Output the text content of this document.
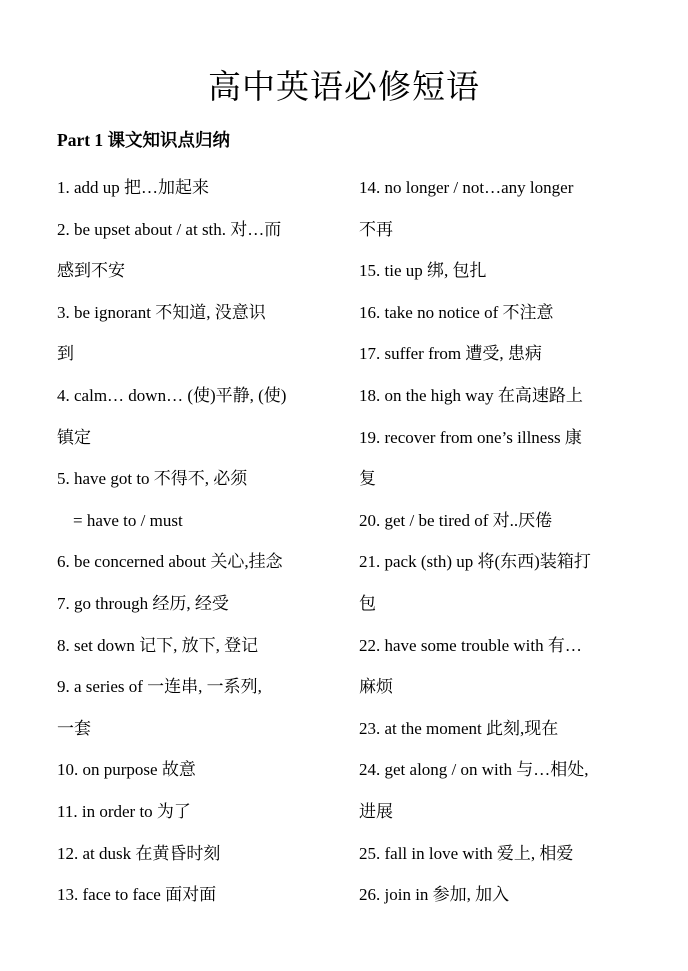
高中英语必修短语
Part 1 课文知识点归纳
1. add up 把…加起来
2. be upset about / at sth. 对…而
感到不安
3. be ignorant 不知道, 没意识
到
4. calm… down… (使)平静, (使)
镇定
5. have got to 不得不, 必须
= have to / must
6. be concerned about 关心,挂念
7. go through 经历, 经受
8. set down 记下, 放下, 登记
9. a series of 一连串, 一系列,
一套
10. on purpose 故意
11. in order to 为了
12. at dusk 在黄昏时刻
13. face to face 面对面
14. no longer / not…any longer
不再
15. tie up 绑, 包扎
16. take no notice of 不注意
17. suffer from 遭受, 患病
18. on the high way 在高速路上
19. recover from one’s illness 康
复
20. get / be tired of 对..厌倦
21. pack (sth) up 将(东西)装箱打
包
22. have some trouble with 有…
麻烦
23. at the moment 此刻,现在
24. get along / on with 与…相处,
进展
25. fall in love with 爱上, 相爱
26. join in 参加, 加入
